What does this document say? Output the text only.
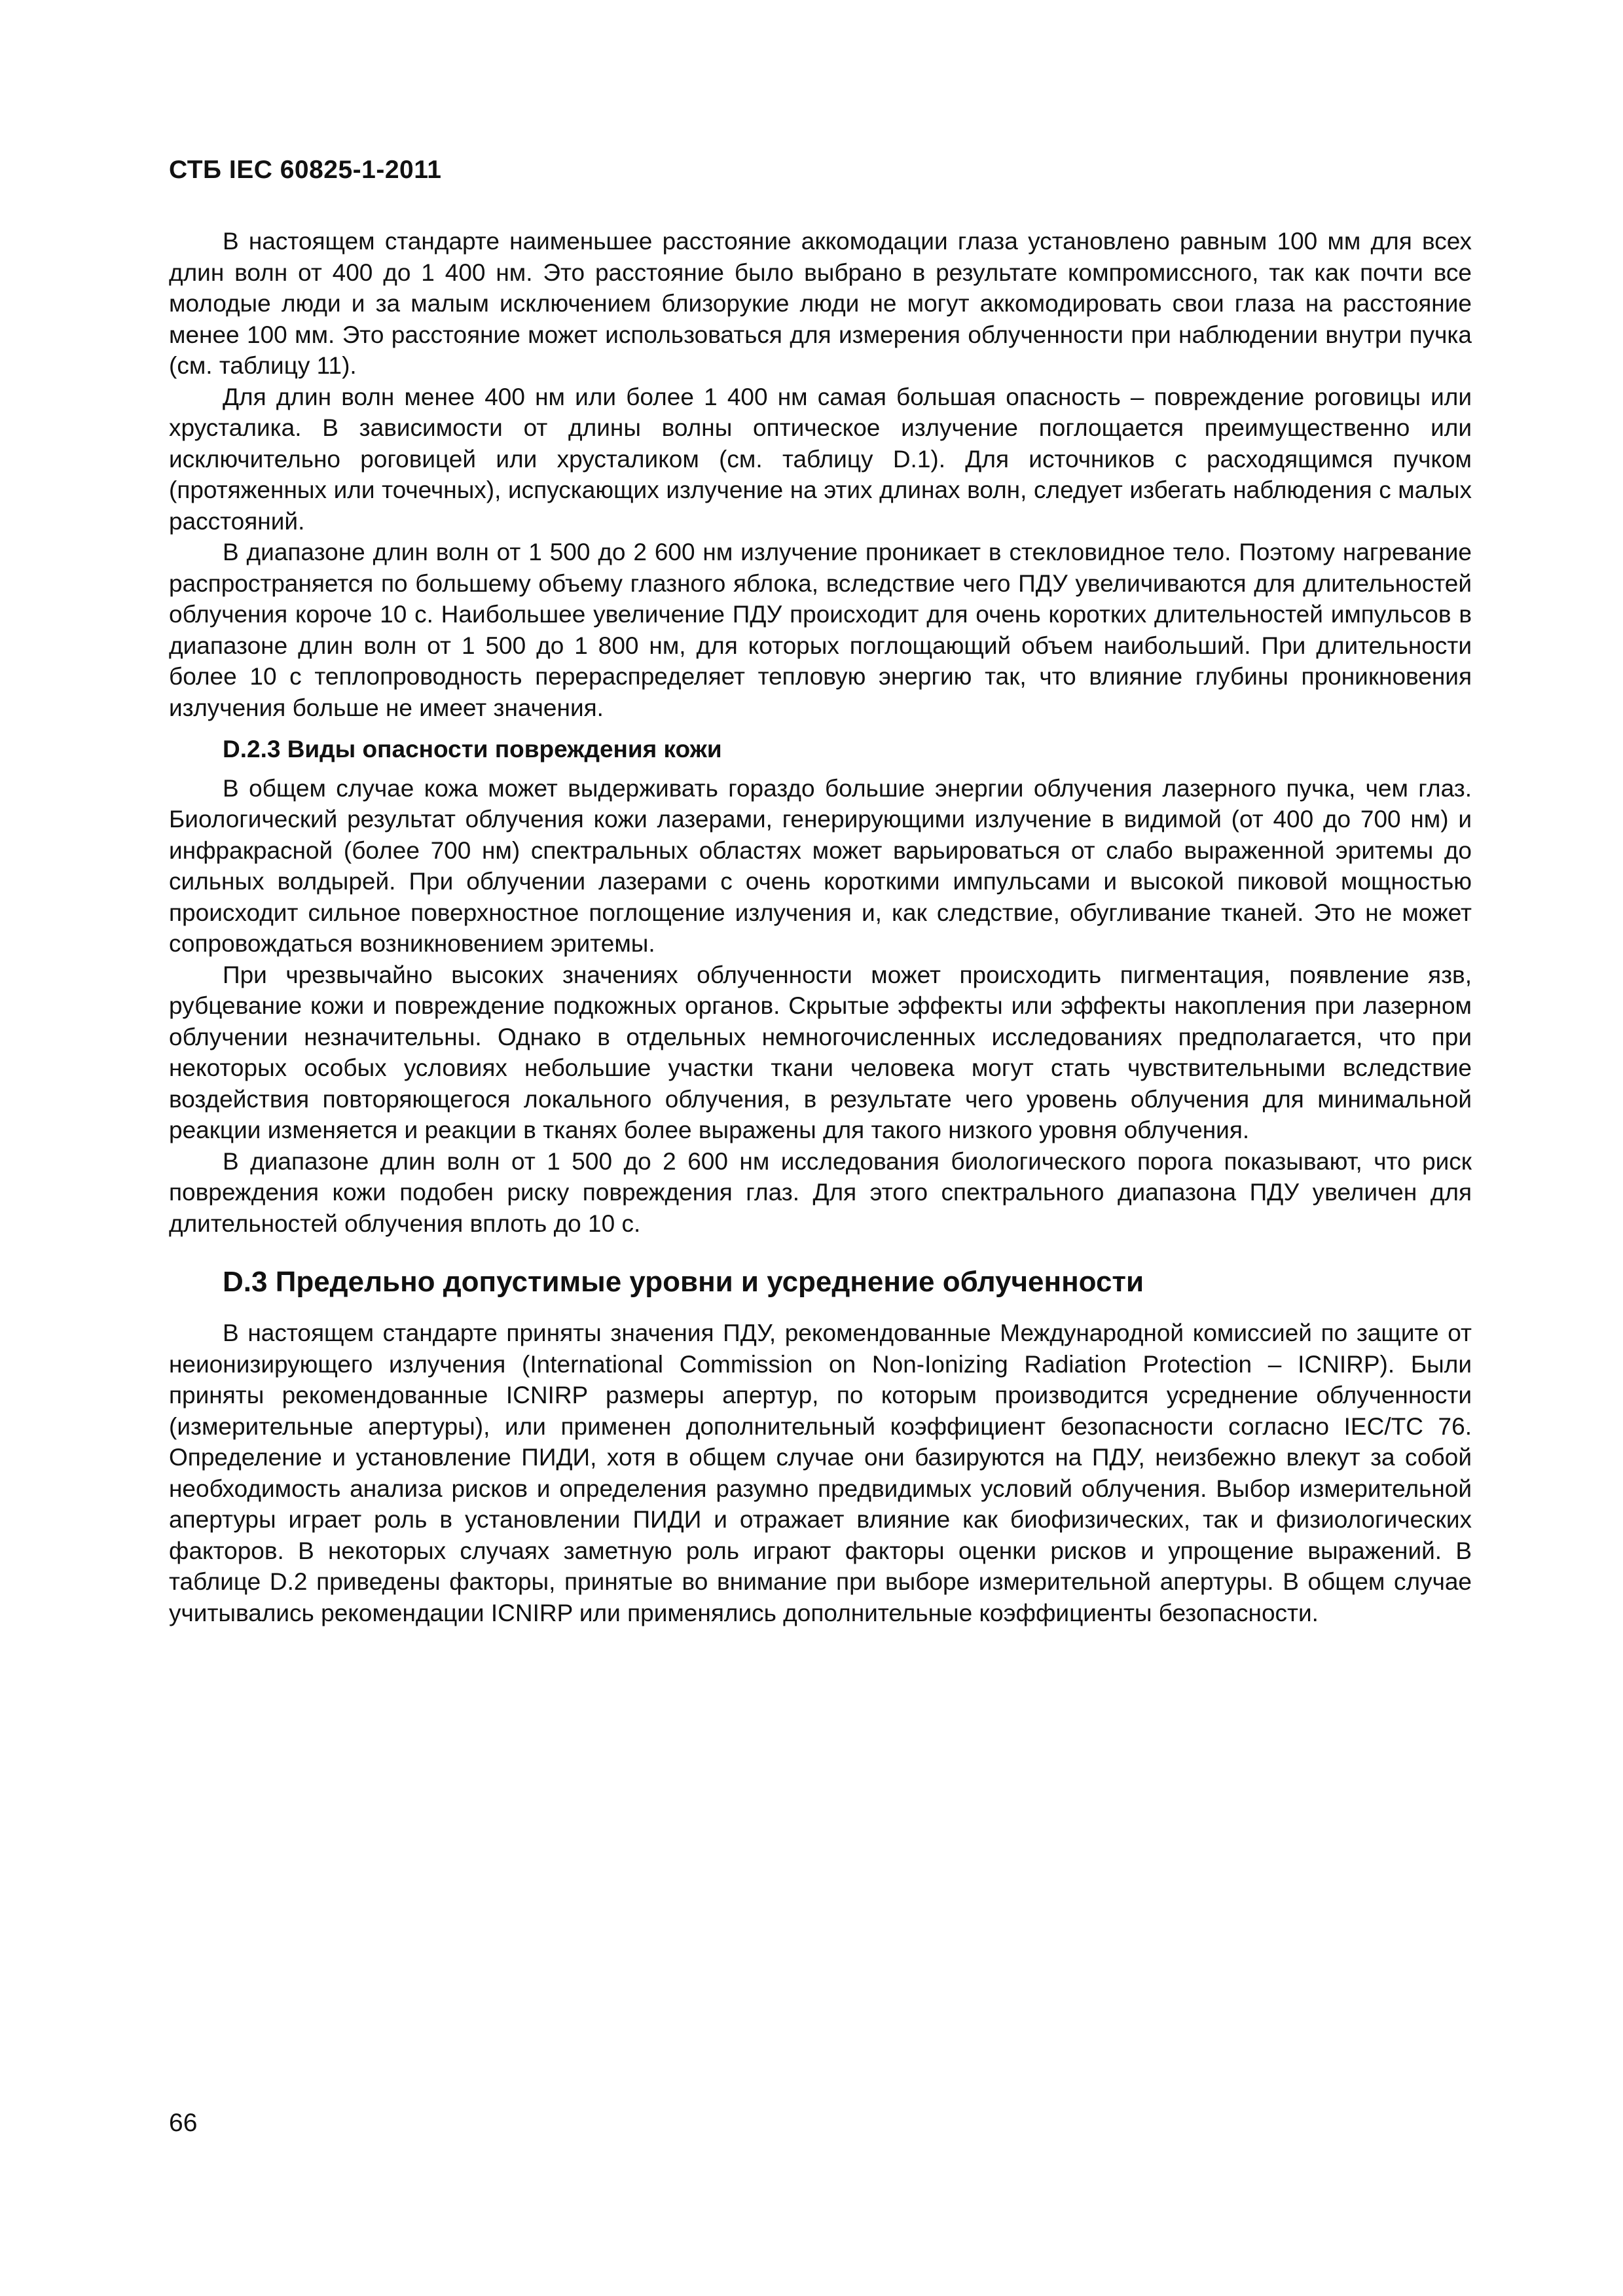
СТБ IEC 60825-1-2011

В настоящем стандарте наименьшее расстояние аккомодации глаза установлено равным 100 мм для всех длин волн от 400 до 1 400 нм. Это расстояние было выбрано в результате компромиссного, так как почти все молодые люди и за малым исключением близорукие люди не могут аккомодировать свои глаза на расстояние менее 100 мм. Это расстояние может использоваться для измерения облученности при наблюдении внутри пучка (см. таблицу 11).

Для длин волн менее 400 нм или более 1 400 нм самая большая опасность – повреждение роговицы или хрусталика. В зависимости от длины волны оптическое излучение поглощается преимущественно или исключительно роговицей или хрусталиком (см. таблицу D.1). Для источников с расходящимся пучком (протяженных или точечных), испускающих излучение на этих длинах волн, следует избегать наблюдения с малых расстояний.

В диапазоне длин волн от 1 500 до 2 600 нм излучение проникает в стекловидное тело. Поэтому нагревание распространяется по большему объему глазного яблока, вследствие чего ПДУ увеличиваются для длительностей облучения короче 10 с. Наибольшее увеличение ПДУ происходит для очень коротких длительностей импульсов в диапазоне длин волн от 1 500 до 1 800 нм, для которых поглощающий объем наибольший. При длительности более 10 с теплопроводность перераспределяет тепловую энергию так, что влияние глубины проникновения излучения больше не имеет значения.

D.2.3 Виды опасности повреждения кожи

В общем случае кожа может выдерживать гораздо большие энергии облучения лазерного пучка, чем глаз. Биологический результат облучения кожи лазерами, генерирующими излучение в видимой (от 400 до 700 нм) и инфракрасной (более 700 нм) спектральных областях может варьироваться от слабо выраженной эритемы до сильных волдырей. При облучении лазерами с очень короткими импульсами и высокой пиковой мощностью происходит сильное поверхностное поглощение излучения и, как следствие, обугливание тканей. Это не может сопровождаться возникновением эритемы.

При чрезвычайно высоких значениях облученности может происходить пигментация, появление язв, рубцевание кожи и повреждение подкожных органов. Скрытые эффекты или эффекты накопления при лазерном облучении незначительны. Однако в отдельных немногочисленных исследованиях предполагается, что при некоторых особых условиях небольшие участки ткани человека могут стать чувствительными вследствие воздействия повторяющегося локального облучения, в результате чего уровень облучения для минимальной реакции изменяется и реакции в тканях более выражены для такого низкого уровня облучения.

В диапазоне длин волн от 1 500 до 2 600 нм исследования биологического порога показывают, что риск повреждения кожи подобен риску повреждения глаз. Для этого спектрального диапазона ПДУ увеличен для длительностей облучения вплоть до 10 с.

D.3 Предельно допустимые уровни и усреднение облученности

В настоящем стандарте приняты значения ПДУ, рекомендованные Международной комиссией по защите от неионизирующего излучения (International Commission on Non-Ionizing Radiation Protection – ICNIRP). Были приняты рекомендованные ICNIRP размеры апертур, по которым производится усреднение облученности (измерительные апертуры), или применен дополнительный коэффициент безопасности согласно IEC/TC 76. Определение и установление ПИДИ, хотя в общем случае они базируются на ПДУ, неизбежно влекут за собой необходимость анализа рисков и определения разумно предвидимых условий облучения. Выбор измерительной апертуры играет роль в установлении ПИДИ и отражает влияние как биофизических, так и физиологических факторов. В некоторых случаях заметную роль играют факторы оценки рисков и упрощение выражений. В таблице D.2 приведены факторы, принятые во внимание при выборе измерительной апертуры. В общем случае учитывались рекомендации ICNIRP или применялись дополнительные коэффициенты безопасности.

66
